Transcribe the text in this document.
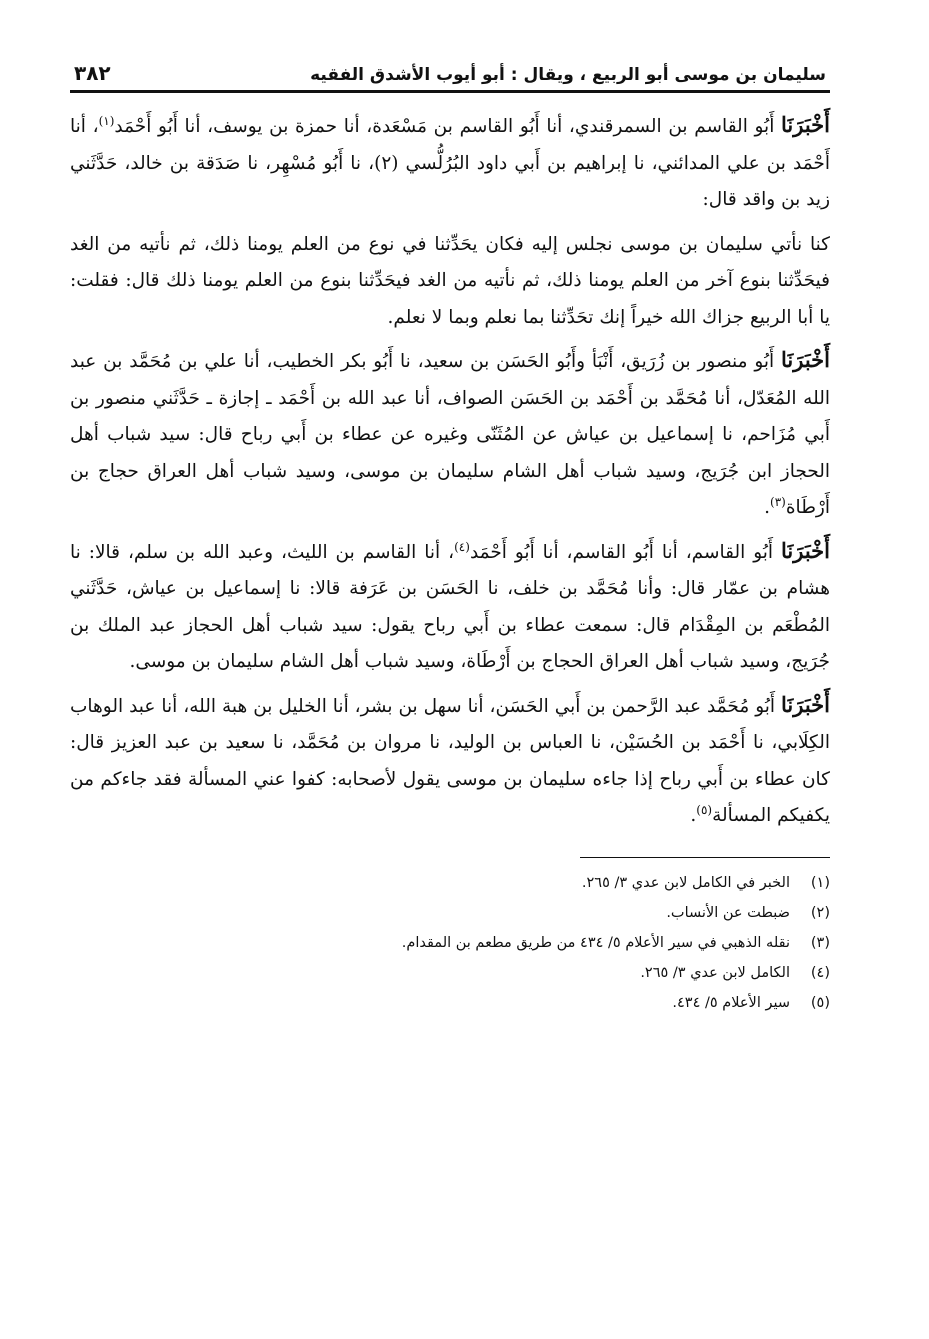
سليمان بن موسى أبو الربيع ، ويقال : أبو أيوب الأشدق الفقيه
٣٨٢

أَخْبَرَنَا أَبُو القاسم بن السمرقندي، أنا أَبُو القاسم بن مَسْعَدة، أنا حمزة بن يوسف، أنا أَبُو أَحْمَد$^{(١)}$، أنا أَحْمَد بن علي المدائني، نا إبراهيم بن أَبي داود البُرُلُّسي (٢)، نا أَبُو مُسْهِر، نا صَدَقة بن خالد، حَدَّثَني زيد بن واقد قال:

كنا نأتي سليمان بن موسى نجلس إليه فكان يحَدِّثنا في نوع من العلم يومنا ذلك، ثم نأتيه من الغد فيحَدِّثنا بنوع آخر من العلم يومنا ذلك، ثم نأتيه من الغد فيحَدِّثنا بنوع من العلم يومنا ذلك قال: فقلت: يا أبا الربيع جزاك الله خيراً إنك تحَدِّثنا بما نعلم وبما لا نعلم.

أَخْبَرَنَا أَبُو منصور بن زُرَيق، أَنْبَأ وأَبُو الحَسَن بن سعيد، نا أَبُو بكر الخطيب، أنا علي بن مُحَمَّد بن عبد الله المُعَدّل، أنا مُحَمَّد بن أَحْمَد بن الحَسَن الصواف، أنا عبد الله بن أَحْمَد ـ إجازة ـ حَدَّثَني منصور بن أَبي مُزَاحم، نا إسماعيل بن عياش عن المُثَنّى وغيره عن عطاء بن أَبي رباح قال: سيد شباب أهل الحجاز ابن جُرَيج، وسيد شباب أهل الشام سليمان بن موسى، وسيد شباب أهل العراق حجاج بن أَرْطَاة$^{(٣)}$.

أَخْبَرَنَا أَبُو القاسم، أنا أَبُو القاسم، أنا أَبُو أَحْمَد$^{(٤)}$، أنا القاسم بن الليث، وعبد الله بن سلم، قالا: نا هشام بن عمّار قال: وأنا مُحَمَّد بن خلف، نا الحَسَن بن عَرَفة قالا: نا إسماعيل بن عياش، حَدَّثَني المُطْعَم بن المِقْدَام قال: سمعت عطاء بن أَبي رباح يقول: سيد شباب أهل الحجاز عبد الملك بن جُرَيج، وسيد شباب أهل العراق الحجاج بن أَرْطَاة، وسيد شباب أهل الشام سليمان بن موسى.

أَخْبَرَنَا أَبُو مُحَمَّد عبد الرَّحمن بن أَبي الحَسَن، أنا سهل بن بشر، أنا الخليل بن هبة الله، أنا عبد الوهاب الكِلَابي، نا أَحْمَد بن الحُسَيْن، نا العباس بن الوليد، نا مروان بن مُحَمَّد، نا سعيد بن عبد العزيز قال: كان عطاء بن أَبي رباح إذا جاءه سليمان بن موسى يقول لأصحابه: كفوا عني المسألة فقد جاءكم من يكفيكم المسألة$^{(٥)}$.

(١)
الخبر في الكامل لابن عدي ٣/ ٢٦٥.
(٢)
ضبطت عن الأنساب.
(٣)
نقله الذهبي في سير الأعلام ٥/ ٤٣٤ من طريق مطعم بن المقدام.
(٤)
الكامل لابن عدي ٣/ ٢٦٥.
(٥)
سير الأعلام ٥/ ٤٣٤.
